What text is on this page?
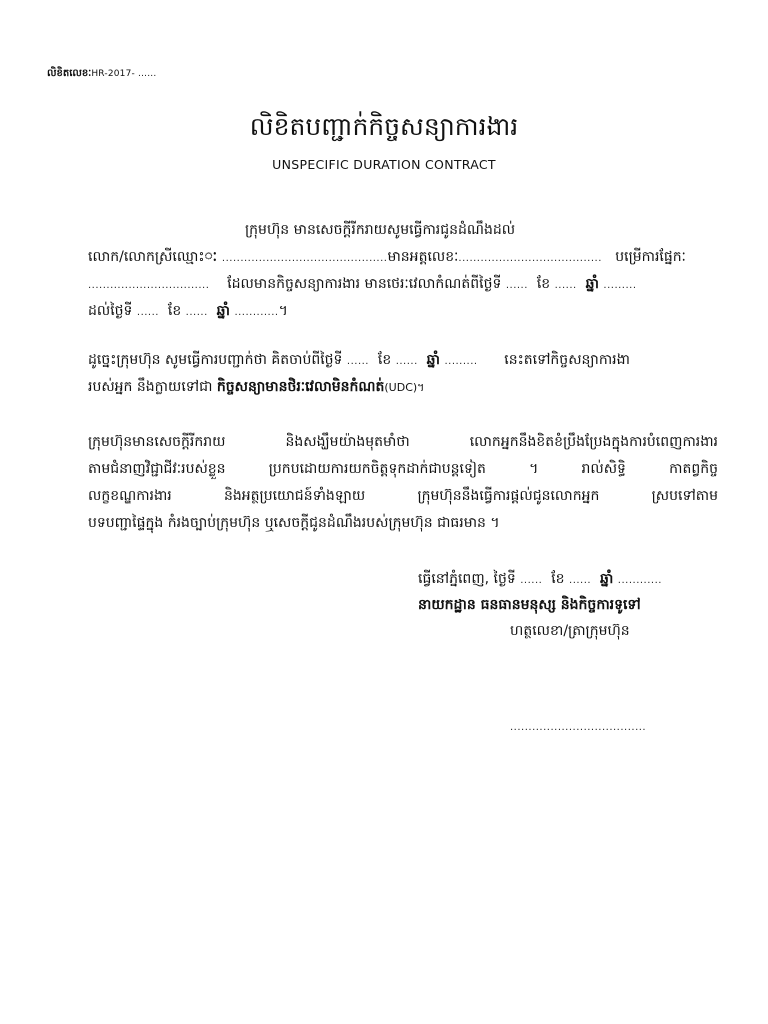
លិខិតលេខៈHR-2017- ......
លិខិតបញ្ជាក់កិច្ចសន្យាការងារ
UNSPECIFIC DURATION CONTRACT
ក្រុមហ៊ុន មានសេចក្តីរីករាយសូមធ្វើការជូនដំណឹងដល់
លោក/លោកស្រីឈ្មោះៈ .............................................មានអត្តលេខៈ....................................... បម្រើការផ្នែកៈ
................................. ដែលមានកិច្ចសន្យាការងារ មានថេរៈវេលាកំណត់ពីថ្ងៃទី ...... ខែ ...... ឆ្នាំ .........
ដល់ថ្ងៃទី ...... ខែ ...... ឆ្នាំ ............។
ដូច្នេះក្រុមហ៊ុន សូមធ្វើការបញ្ជាក់ថា គិតចាប់ពីថ្ងៃទី ...... ខែ ...... ឆ្នាំ ......... នេះតទៅកិច្ចសន្យាការងា
របស់អ្នក នឹងក្លាយទៅជា កិច្ចសន្យាមានថិរៈវេលាមិនកំណត់(UDC)។
ក្រុមហ៊ុនមានសេចក្តីរីករាយ និងសង្ឃឹមយ៉ាងមុតមាំថា លោកអ្នកនឹងខិតខំប្រឹងប្រែងក្នុងការបំពេញការងារ
តាមជំនាញវិជ្ជាជីវៈរបស់ខ្លួន ប្រកបដោយការយកចិត្តទុកដាក់ជាបន្តទៀត ។ រាល់សិទ្ធិ កាតព្វកិច្ច
លក្ខខណ្ឌការងារ និងអត្ថប្រយោជន៍ទាំងឡាយ ក្រុមហ៊ុននឹងធ្វើការផ្តល់ជូនលោកអ្នក ស្របទៅតាម
បទបញ្ជាផ្ទៃក្នុង កំរងច្បាប់ក្រុមហ៊ុន ឬសេចក្តីជូនដំណឹងរបស់ក្រុមហ៊ុន ជាធរមាន ។
ធ្វើនៅភ្នំពេញ, ថ្ងៃទី ...... ខែ ...... ឆ្នាំ ............
នាយកដ្ឋាន ធនធានមនុស្ស និងកិច្ចការទូទៅ
ហត្ថលេខា/ត្រាក្រុមហ៊ុន
.....................................
